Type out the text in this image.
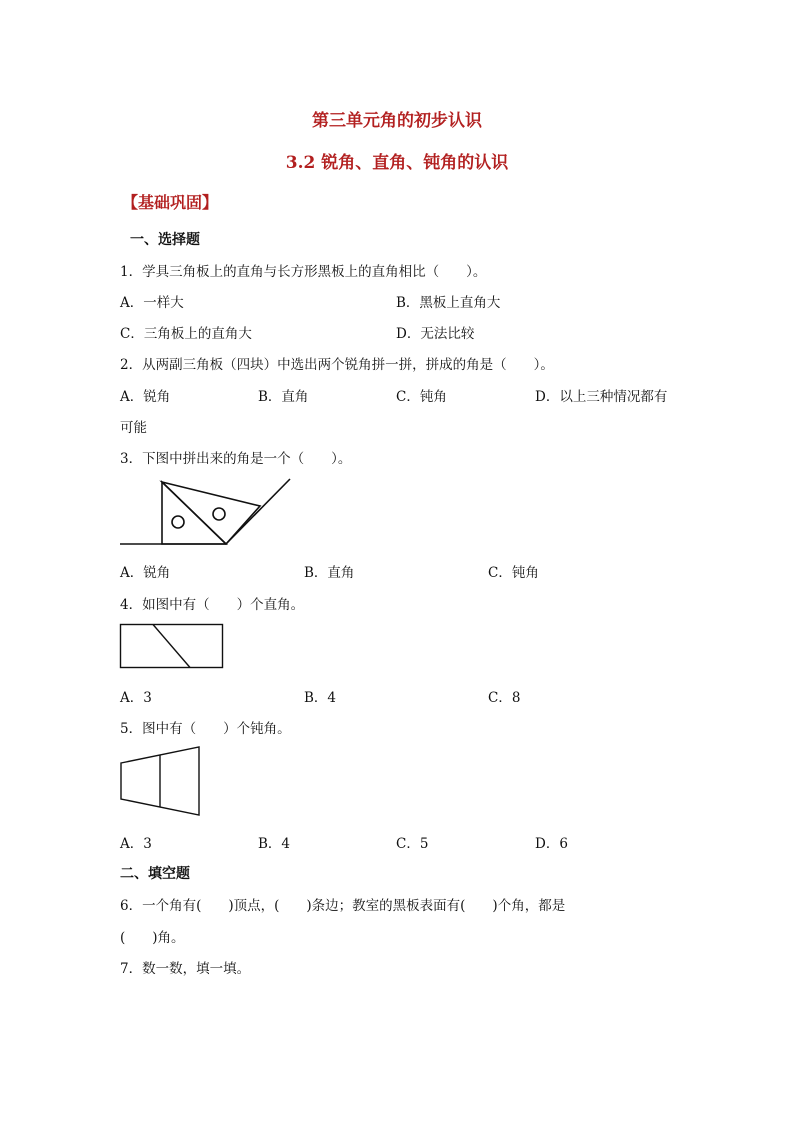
第三单元角的初步认识
3.2 锐角、直角、钝角的认识
【基础巩固】
一、选择题
1．学具三角板上的直角与长方形黑板上的直角相比（　　）。
A．一样大	B．黑板上直角大
C．三角板上的直角大	D．无法比较
2．从两副三角板（四块）中选出两个锐角拼一拼，拼成的角是（　　）。
A．锐角	B．直角	C．钝角	D．以上三种情况都有
可能
3．下图中拼出来的角是一个（　　）。
A．锐角	B．直角	C．钝角
4．如图中有（　　）个直角。
A．3	B．4	C．8
5．图中有（　　）个钝角。
A．3	B．4	C．5	D．6
二、填空题
6．一个角有(　　)顶点，(　　)条边；教室的黑板表面有(　　)个角，都是
(　　)角。
7．数一数，填一填。
